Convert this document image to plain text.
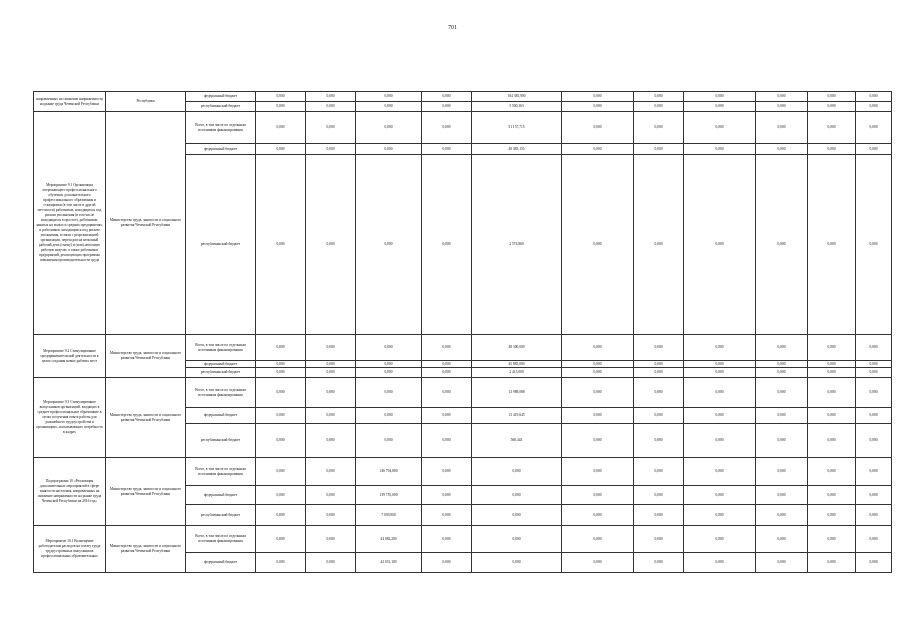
701
направленных на снижение напряженности на рынке труда Чеченской Республики	Республики	федеральный бюджет	0,000	0,000	0,000	0,000	104 385,900	0,000	0,000	0,000	0,000	0,000	0,000
		республиканский бюджет	0,000	0,000	0,000	0,000	5 500,163	0,000	0,000	0,000	0,000	0,000	0,000
Мероприятие 9.1 Организация опережающего профессионального обучения, дополнительного профессионального образования и стажировки (в том числе в другой местности) работников, находящихся под риском увольнения (в том числе находящихся в простое), работников, занятых на малых и средних предприятиях, и работников, находящихся под риском увольнения, в связи с реорганизацией организации, переходом на неполный рабочий день (смену) и (или) неполную рабочую неделю, а также работников предприятий, реализующих программы повышения производительности труда	Министерство труда, занятости и социального развития Чеченской Республики	Всего, в том числе по отдельным источникам финансирования	0,000	0,000	0,000	0,000	51 157,715	0,000	0,000	0,000	0,000	0,000	0,000
		федеральный бюджет	0,000	0,000	0,000	0,000	48 485,155	0,000	0,000	0,000	0,000	0,000	0,000
		республиканский бюджет	0,000	0,000	0,000	0,000	2 574,860	0,000	0,000	0,000	0,000	0,000	0,000
Мероприятие 9.2 Стимулирование предпринимательской деятельности в целях создания новых рабочих мест	Министерство труда, занятости и социального развития Чеченской Республики	Всего, в том числе по отдельным источникам финансирования	0,000	0,000	0,000	0,000	48 300,000	0,000	0,000	0,000	0,000	0,000	0,000
		федеральный бюджет	0,000	0,000	0,000	0,000	45 885,000	0,000	0,000	0,000	0,000	0,000	0,000
		республиканский бюджет	0,000	0,000	0,000	0,000	2 415,000	0,000	0,000	0,000	0,000	0,000	0,000
Мероприятие 9.3 Стимулирование выпускников организаций, входящих в среднее профессиональное образование в целях получения опыта работы для дальнейшего трудоустройства в организациях, испытывающих потребность в кадрах	Министерство труда, занятости и социального развития Чеченской Республики	Всего, в том числе по отдельным источникам финансирования	0,000	0,000	0,000	0,000	13 988,088	0,000	0,000	0,000	0,000	0,000	0,000
		федеральный бюджет	0,000	0,000	0,000	0,000	13 419,645	0,000	0,000	0,000	0,000	0,000	0,000
		республиканский бюджет	0,000	0,000	0,000	0,000	568,443	0,000	0,000	0,000	0,000	0,000	0,000
Подпрограмма 10 «Реализация дополнительных мероприятий в сфере занятости населения, направленных на снижение напряженности на рынке труда Чеченской Республики на 2016 год»	Министерство труда, занятости и социального развития Чеченской Республики	Всего, в том числе по отдельным источникам финансирования	0,000	0,000	146 794,800	0,000	0,000	0,000	0,000	0,000	0,000	0,000	0,000
		федеральный бюджет	0,000	0,000	139 755,000	0,000	0,000	0,000	0,000	0,000	0,000	0,000	0,000
		республиканский бюджет	0,000	0,000	7 039,800	0,000	0,000	0,000	0,000	0,000	0,000	0,000	0,000
Мероприятие 10.1 Возмещение работодателям расходов на оплату труда трудоустроенных выпускников профессиональных образовательных	Министерство труда, занятости и социального развития Чеченской Республики	Всего, в том числе по отдельным источникам финансирования	0,000	0,000	44 082,200	0,000	0,000	0,000	0,000	0,000	0,000	0,000	0,000
		федеральный бюджет	0,000	0,000	42 031,100	0,000	0,000	0,000	0,000	0,000	0,000	0,000	0,000
